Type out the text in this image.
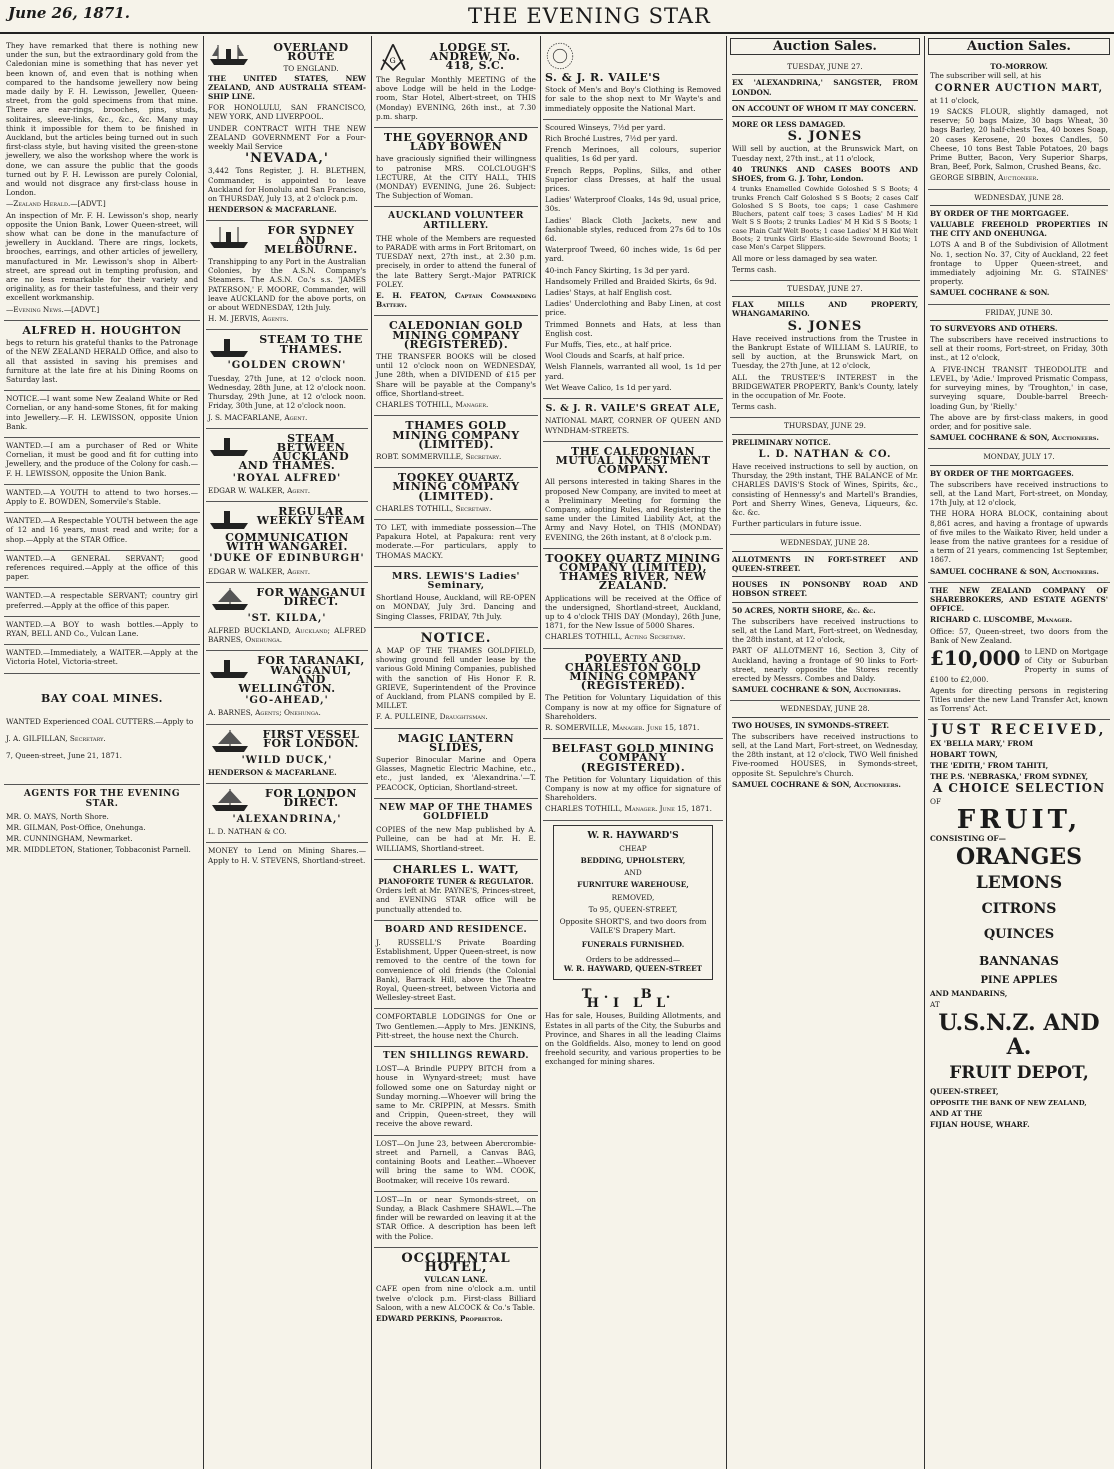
June 26, 1871.	THE EVENING STAR

They have remarked that there is nothing new under the sun, but the extraordinary gold from the Caledonian mine is something that has never yet been known of, and even that is nothing when compared to the handsome jewellery now being made daily by F. H. Lewisson, Jeweller, Queen-street, from the gold specimens from that mine. There are ear-rings, brooches, pins, studs, solitaires, sleeve-links, &c., &c., &c. Many may think it impossible for them to be finished in Auckland, but the articles being turned out in such first-class style, but having visited the green-stone jewellery, we also the workshop where the work is done, we can assure the public that the goods turned out by F. H. Lewisson are purely Colonial, and would not disgrace any first-class house in London.

—Zealand Herald.—[ADVT.]

An inspection of Mr. F. H. Lewisson's shop, nearly opposite the Union Bank, Lower Queen-street, will show what can be done in the manufacture of jewellery in Auckland. There are rings, lockets, brooches, earrings, and other articles of jewellery, manufactured in Mr. Lewisson's shop in Albert-street, are spread out in tempting profusion, and are no less remarkable for their variety and originality, as for their tastefulness, and their very excellent workmanship.

—Evening News.—[ADVT.]

ALFRED H. HOUGHTON

begs to return his grateful thanks to the Patronage of the NEW ZEALAND HERALD Office, and also to all that assisted in saving his premises and furniture at the late fire at his Dining Rooms on Saturday last.

NOTICE.—I want some New Zealand White or Red Cornelian, or any hand-some Stones, fit for making into Jewellery.—F. H. LEWISSON, opposite Union Bank.

WANTED.—I am a purchaser of Red or White Cornelian, it must be good and fit for cutting into Jewellery, and the produce of the Colony for cash.—F. H. LEWISSON, opposite the Union Bank.

WANTED.—A YOUTH to attend to two horses.—Apply to E. BOWDEN, Somervile's Stable.

WANTED.—A Respectable YOUTH between the age of 12 and 16 years, must read and write; for a shop.—Apply at the STAR Office.

WANTED.—A GENERAL SERVANT; good references required.—Apply at the office of this paper.

WANTED.—A respectable SERVANT; country girl preferred.—Apply at the office of this paper.

WANTED.—A BOY to wash bottles.—Apply to RYAN, BELL AND Co., Vulcan Lane.

WANTED.—Immediately, a WAITER.—Apply at the Victoria Hotel, Victoria-street.

BAY COAL MINES.

WANTED Experienced COAL CUTTERS.—Apply to

J. A. GILFILLAN, Secretary.

7, Queen-street, June 21, 1871.

AGENTS FOR THE EVENING STAR.

MR. O. MAYS, North Shore.

MR. GILMAN, Post-Office, Onehunga.

MR. CUNNINGHAM, Newmarket.

MR. MIDDLETON, Stationer, Tobbaconist Parnell.

OVERLAND ROUTE
TO ENGLAND.

THE UNITED STATES, NEW ZEALAND, AND AUSTRALIA STEAM-SHIP LINE.

FOR HONOLULU, SAN FRANCISCO, NEW YORK, AND LIVERPOOL.

UNDER CONTRACT WITH THE NEW ZEALAND GOVERNMENT For a Four-weekly Mail Service

'NEVADA,'

3,442 Tons Register, J. H. BLETHEN, Commander, is appointed to leave Auckland for Honolulu and San Francisco, on THURSDAY, July 13, at 2 o'clock p.m.

HENDERSON & MACFARLANE.

FOR SYDNEY AND MELBOURNE.

Transhipping to any Port in the Australian Colonies, by the A.S.N. Company's Steamers. The A.S.N. Co.'s s.s. 'JAMES PATERSON,' F. MOORE, Commander, will leave AUCKLAND for the above ports, on or about WEDNESDAY, 12th July.

H. M. JERVIS, Agents.

STEAM TO THE THAMES.
'GOLDEN CROWN'

Tuesday, 27th June, at 12 o'clock noon. Wednesday, 28th June, at 12 o'clock noon. Thursday, 29th June, at 12 o'clock noon. Friday, 30th June, at 12 o'clock noon.

J. S. MACFARLANE, Agent.

STEAM BETWEEN AUCKLAND AND THAMES.
'ROYAL ALFRED'

EDGAR W. WALKER, Agent.

REGULAR WEEKLY STEAM COMMUNICATION WITH WANGAREI.
'DUKE OF EDINBURGH'

EDGAR W. WALKER, Agent.

FOR WANGANUI DIRECT.
'ST. KILDA,'

ALFRED BUCKLAND, Auckland; ALFRED BARNES, Onehunga.

FOR TARANAKI, WANGANUI, AND WELLINGTON.
'GO-AHEAD,'

A. BARNES, Agents; Onehunga.

FIRST VESSEL FOR LONDON.
'WILD DUCK,'

HENDERSON & MACFARLANE.

FOR LONDON DIRECT.
'ALEXANDRINA,'

L. D. NATHAN & CO.

MONEY to Lend on Mining Shares.—Apply to H. V. STEVENS, Shortland-street.

G
LODGE ST. ANDREW, No. 418, S.C.

The Regular Monthly MEETING of the above Lodge will be held in the Lodge-room, Star Hotel, Albert-street, on THIS (Monday) EVENING, 26th inst., at 7.30 p.m. sharp.

THE GOVERNOR AND LADY BOWEN

have graciously signified their willingness to patronise MRS. COLCLOUGH'S LECTURE, At the CITY HALL, THIS (MONDAY) EVENING, June 26. Subject: The Subjection of Woman.

AUCKLAND VOLUNTEER ARTILLERY.

THE whole of the Members are requested to PARADE with arms in Fort Britomart, on TUESDAY next, 27th inst., at 2.30 p.m. precisely, in order to attend the funeral of the late Battery Sergt.-Major PATRICK FOLEY.

E. H. FEATON, Captain Commanding Battery.

CALEDONIAN GOLD MINING COMPANY (REGISTERED).

THE TRANSFER BOOKS will be closed until 12 o'clock noon on WEDNESDAY, June 28th, when a DIVIDEND of £15 per Share will be payable at the Company's office, Shortland-street.

CHARLES TOTHILL, Manager.

THAMES GOLD MINING COMPANY (LIMITED).

ROBT. SOMMERVILLE, Secretary.

TOOKEY QUARTZ MINING COMPANY (LIMITED).

CHARLES TOTHILL, Secretary.

TO LET, with immediate possession—The Papakura Hotel, at Papakura: rent very moderate.—For particulars, apply to THOMAS MACKY.

MRS. LEWIS'S Ladies' Seminary,

Shortland House, Auckland, will RE-OPEN on MONDAY, July 3rd. Dancing and Singing Classes, FRIDAY, 7th July.

NOTICE.

A MAP OF THE THAMES GOLDFIELD, showing ground fell under lease by the various Gold Mining Companies, published with the sanction of His Honor F. R. GRIEVE, Superintendent of the Province of Auckland, from PLANS compiled by E. MILLET.

F. A. PULLEINE, Draughtsman.

MAGIC LANTERN SLIDES,

Superior Binocular Marine and Opera Glasses, Magnetic Electric Machine, etc., etc., just landed, ex 'Alexandrina.'—T. PEACOCK, Optician, Shortland-street.

NEW MAP OF THE THAMES GOLDFIELD

COPIES of the new Map published by A. Pulleine, can be had at Mr. H. E. WILLIAMS, Shortland-street.

CHARLES L. WATT,
PIANOFORTE TUNER & REGULATOR.

Orders left at Mr. PAYNE'S, Princes-street, and EVENING STAR office will be punctually attended to.

BOARD AND RESIDENCE.

J. RUSSELL'S Private Boarding Establishment, Upper Queen-street, is now removed to the centre of the town for convenience of old friends (the Colonial Bank), Barrack Hill, above the Theatre Royal, Queen-street, between Victoria and Wellesley-street East.

COMFORTABLE LODGINGS for One or Two Gentlemen.—Apply to Mrs. JENKINS, Pitt-street, the house next the Church.

TEN SHILLINGS REWARD.

LOST—A Brindle PUPPY BITCH from a house in Wynyard-street; must have followed some one on Saturday night or Sunday morning.—Whoever will bring the same to Mr. CRIPPIN, at Messrs. Smith and Crippin, Queen-street, they will receive the above reward.

LOST—On June 23, between Abercrombie-street and Parnell, a Canvas BAG, containing Boots and Leather.—Whoever will bring the same to WM. COOK, Bootmaker, will receive 10s reward.

LOST—In or near Symonds-street, on Sunday, a Black Cashmere SHAWL.—The finder will be rewarded on leaving it at the STAR Office. A description has been left with the Police.

OCCIDENTAL HOTEL,
VULCAN LANE.

CAFE open from nine o'clock a.m. until twelve o'clock p.m. First-class Billiard Saloon, with a new ALCOCK & Co.'s Table.

EDWARD PERKINS, Proprietor.

S. & J. R. VAILE'S

Stock of Men's and Boy's Clothing is Removed for sale to the shop next to Mr Wayte's and immediately opposite the National Mart.

Scoured Winseys, 7½d per yard.

Rich Broché Lustres, 7½d per yard.

French Merinoes, all colours, superior qualities, 1s 6d per yard.

French Repps, Poplins, Silks, and other Superior class Dresses, at half the usual prices.

Ladies' Waterproof Cloaks, 14s 9d, usual price, 30s.

Ladies' Black Cloth Jackets, new and fashionable styles, reduced from 27s 6d to 10s 6d.

Waterproof Tweed, 60 inches wide, 1s 6d per yard.

40-inch Fancy Skirting, 1s 3d per yard.

Handsomely Frilled and Braided Skirts, 6s 9d.

Ladies' Stays, at half English cost.

Ladies' Underclothing and Baby Linen, at cost price.

Trimmed Bonnets and Hats, at less than English cost.

Fur Muffs, Ties, etc., at half price.

Wool Clouds and Scarfs, at half price.

Welsh Flannels, warranted all wool, 1s 1d per yard.

Wet Weave Calico, 1s 1d per yard.

S. & J. R. VAILE'S GREAT ALE,

NATIONAL MART, CORNER OF QUEEN AND WYNDHAM-STREETS.

THE CALEDONIAN MUTUAL INVESTMENT COMPANY.

All persons interested in taking Shares in the proposed New Company, are invited to meet at a Preliminary Meeting for forming the Company, adopting Rules, and Registering the same under the Limited Liability Act, at the Army and Navy Hotel, on THIS (MONDAY) EVENING, the 26th instant, at 8 o'clock p.m.

TOOKEY QUARTZ MINING COMPANY (LIMITED), THAMES RIVER, NEW ZEALAND.

Applications will be received at the Office of the undersigned, Shortland-street, Auckland, up to 4 o'clock THIS DAY (Monday), 26th June, 1871, for the New Issue of 5000 Shares.

CHARLES TOTHILL, Acting Secretary.

POVERTY AND CHARLESTON GOLD MINING COMPANY (REGISTERED).

The Petition for Voluntary Liquidation of this Company is now at my office for Signature of Shareholders.

R. SOMERVILLE, Manager. June 15, 1871.

BELFAST GOLD MINING COMPANY (REGISTERED).

The Petition for Voluntary Liquidation of this Company is now at my office for signature of Shareholders.

CHARLES TOTHILL, Manager. June 15, 1871.

W. R. HAYWARD'S
CHEAP
BEDDING, UPHOLSTERY,
AND
FURNITURE WAREHOUSE,
REMOVED,
To 95, QUEEN-STREET,
Opposite SHORT'S, and two doors from VAILE'S Drapery Mart.
FUNERALS FURNISHED.
Orders to be addressed—
W. R. HAYWARD, QUEEN-STREET
T. B. HILL

Has for sale, Houses, Building Allotments, and Estates in all parts of the City, the Suburbs and Province, and Shares in all the leading Claims on the Goldfields. Also, money to lend on good freehold security, and various properties to be exchanged for mining shares.

Auction Sales.
TUESDAY, JUNE 27.

EX 'ALEXANDRINA,' SANGSTER, FROM LONDON.

ON ACCOUNT OF WHOM IT MAY CONCERN.

MORE OR LESS DAMAGED.

S. JONES

Will sell by auction, at the Brunswick Mart, on Tuesday next, 27th inst., at 11 o'clock,

40 TRUNKS AND CASES BOOTS AND SHOES, from G. J. Tohr, London.

4 trunks Enamelled Cowhide Goloshed S S Boots; 4 trunks French Calf Goloshed S S Boots; 2 cases Calf Goloshed S S Boots, toe caps; 1 case Cashmere Bluchers, patent calf toes; 3 cases Ladies' M H Kid Welt S S Boots; 2 trunks Ladies' M H Kid S S Boots; 1 case Plain Calf Welt Boots; 1 case Ladies' M H Kid Welt Boots; 2 trunks Girls' Elastic-side Sewround Boots; 1 case Men's Carpet Slippers.

All more or less damaged by sea water.

Terms cash.

TUESDAY, JUNE 27.

FLAX MILLS AND PROPERTY, WHANGAMARINO.

S. JONES

Have received instructions from the Trustee in the Bankrupt Estate of WILLIAM S. LAURIE, to sell by auction, at the Brunswick Mart, on Tuesday, the 27th June, at 12 o'clock,

ALL the TRUSTEE'S INTEREST in the BRIDGEWATER PROPERTY, Bank's County, lately in the occupation of Mr. Foote.

Terms cash.

THURSDAY, JUNE 29.

PRELIMINARY NOTICE.

L. D. NATHAN & CO.

Have received instructions to sell by auction, on Thursday, the 29th instant, THE BALANCE of Mr. CHARLES DAVIS'S Stock of Wines, Spirits, &c., consisting of Hennessy's and Martell's Brandies, Port and Sherry Wines, Geneva, Liqueurs, &c. &c. &c.

Further particulars in future issue.

WEDNESDAY, JUNE 28.

ALLOTMENTS IN FORT-STREET AND QUEEN-STREET.

HOUSES IN PONSONBY ROAD AND HOBSON STREET.

50 ACRES, NORTH SHORE, &c. &c.

The subscribers have received instructions to sell, at the Land Mart, Fort-street, on Wednesday, the 28th instant, at 12 o'clock,

PART OF ALLOTMENT 16, Section 3, City of Auckland, having a frontage of 90 links to Fort-street, nearly opposite the Stores recently erected by Messrs. Combes and Daldy.

SAMUEL COCHRANE & SON, Auctioneers.

WEDNESDAY, JUNE 28.

TWO HOUSES, IN SYMONDS-STREET.

The subscribers have received instructions to sell, at the Land Mart, Fort-street, on Wednesday, the 28th instant, at 12 o'clock, TWO Well finished Five-roomed HOUSES, in Symonds-street, opposite St. Sepulchre's Church.

SAMUEL COCHRANE & SON, Auctioneers.

Auction Sales.
TO-MORROW.

The subscriber will sell, at his

CORNER AUCTION MART,

at 11 o'clock,

19 SACKS FLOUR, slightly damaged, not reserve; 50 bags Maize, 30 bags Wheat, 30 bags Barley, 20 half-chests Tea, 40 boxes Soap, 20 cases Kerosene, 20 boxes Candles, 50 Cheese, 10 tons Best Table Potatoes, 20 bags Prime Butter, Bacon, Very Superior Sharps, Bran, Beef, Pork, Salmon, Crushed Beans, &c.

GEORGE SIBBIN, Auctioneer.

WEDNESDAY, JUNE 28.

BY ORDER OF THE MORTGAGEE.

VALUABLE FREEHOLD PROPERTIES IN THE CITY AND ONEHUNGA.

LOTS A and B of the Subdivision of Allotment No. 1, section No. 37, City of Auckland, 22 feet frontage to Upper Queen-street, and immediately adjoining Mr. G. STAINES' property.

SAMUEL COCHRANE & SON.

FRIDAY, JUNE 30.

TO SURVEYORS AND OTHERS.

The subscribers have received instructions to sell at their rooms, Fort-street, on Friday, 30th inst., at 12 o'clock,

A FIVE-INCH TRANSIT THEODOLITE and LEVEL, by 'Adie.' Improved Prismatic Compass, for surveying mines, by 'Troughton,' in case, surveying square, Double-barrel Breech-loading Gun, by 'Rielly.'

The above are by first-class makers, in good order, and for positive sale.

SAMUEL COCHRANE & SON, Auctioneers.

MONDAY, JULY 17.

BY ORDER OF THE MORTGAGEES.

The subscribers have received instructions to sell, at the Land Mart, Fort-street, on Monday, 17th July, at 12 o'clock,

THE HORA HORA BLOCK, containing about 8,861 acres, and having a frontage of upwards of five miles to the Waikato River, held under a lease from the native grantees for a residue of a term of 21 years, commencing 1st September, 1867.

SAMUEL COCHRANE & SON, Auctioneers.

THE NEW ZEALAND COMPANY OF SHAREBROKERS, AND ESTATE AGENTS' OFFICE.

RICHARD C. LUSCOMBE, Manager.

Office: 57, Queen-street, two doors from the Bank of New Zealand.

£10,000 to LEND on Mortgage of City or Suburban Property in sums of £100 to £2,000.

Agents for directing persons in registering Titles under the new Land Transfer Act, known as Torrens' Act.

JUST RECEIVED,

EX 'BELLA MARY,' FROM

HOBART TOWN,

THE 'EDITH,' FROM TAHITI,

THE P.S. 'NEBRASKA,' FROM SYDNEY,

A CHOICE SELECTION

OF

FRUIT,

CONSISTING OF—

ORANGES
LEMONS
CITRONS
QUINCES
BANNANAS
PINE APPLES

AND MANDARINS,

AT

U.S.N.Z. AND A.
FRUIT DEPOT,

QUEEN-STREET,

OPPOSITE THE BANK OF NEW ZEALAND,

AND AT THE

FIJIAN HOUSE, WHARF.
